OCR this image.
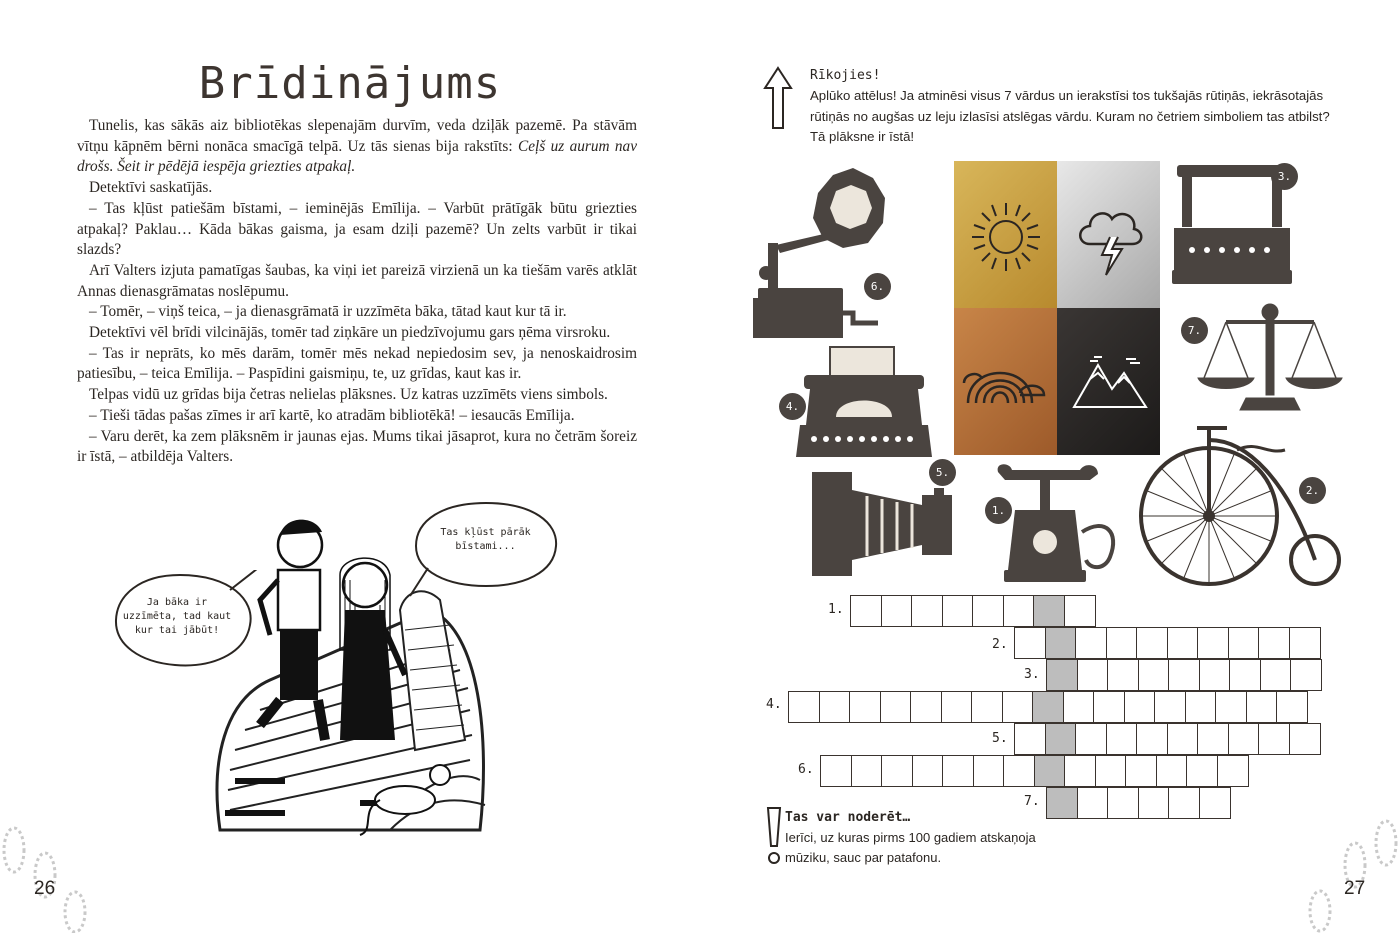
Brīdinājums

Tunelis, kas sākās aiz bibliotēkas slepenajām durvīm, veda dziļāk pazemē. Pa stāvām vītņu kāpnēm bērni nonāca smacīgā telpā. Uz tās sienas bija rakstīts: Ceļš uz aurum nav drošs. Šeit ir pēdējā iespēja griezties atpakaļ.

Detektīvi saskatījās.

– Tas kļūst patiešām bīstami, – ieminējās Emīlija. – Varbūt prātīgāk būtu griezties atpakaļ? Paklau… Kāda bākas gaisma, ja esam dziļi pazemē? Un zelts varbūt ir tikai slazds?

Arī Valters izjuta pamatīgas šaubas, ka viņi iet pareizā virzienā un ka tiešām varēs atklāt Annas dienasgrāmatas noslēpumu.

– Tomēr, – viņš teica, – ja dienasgrāmatā ir uzzīmēta bāka, tātad kaut kur tā ir.

Detektīvi vēl brīdi vilcinājās, tomēr tad ziņkāre un piedzīvojumu gars ņēma virsroku.

– Tas ir neprāts, ko mēs darām, tomēr mēs nekad nepiedosim sev, ja nenoskaidrosim patiesību, – teica Emīlija. – Paspīdini gaismiņu, te, uz grīdas, kaut kas ir.

Telpas vidū uz grīdas bija četras nelielas plāksnes. Uz katras uzzīmēts viens simbols.

– Tieši tādas pašas zīmes ir arī kartē, ko atradām bibliotēkā! – iesaucās Emīlija.

– Varu derēt, ka zem plāksnēm ir jaunas ejas. Mums tikai jāsaprot, kura no četrām šoreiz ir īstā, – atbildēja Valters.

Ja bāka ir uzzīmēta, tad kaut kur tai jābūt!
Tas kļūst pārāk bīstami...
26

Rīkojies!

Aplūko attēlus! Ja atminēsi visus 7 vārdus un ierakstīsi tos tukšajās rūtiņās, iekrāsotajās rūtiņās no augšas uz leju izlasīsi atslēgas vārdu. Kuram no četriem simboliem tas atbilst? Tā plāksne ir īstā!

1.
2.
3.
4.
5.
6.
7.
1.
2.
3.
4.
5.
6.
7.
Tas var noderēt…
Ierīci, uz kuras pirms 100 gadiem atskaņoja mūziku, sauc par patafonu.
27
